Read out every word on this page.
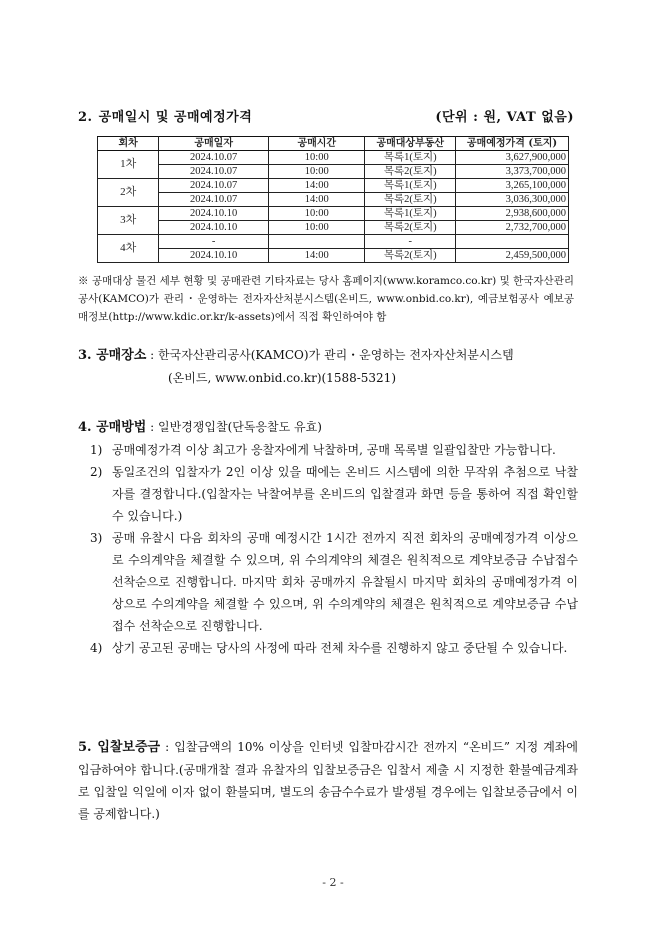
2. 공매일시 및 공매예정가격	(단위 : 원, VAT 없음)
회차	공매일자	공매시간	공매대상부동산	공매예정가격 (토지)
1차	2024.10.07	10:00	목록1(토지)	3,627,900,000
	2024.10.07	10:00	목록2(토지)	3,373,700,000
2차	2024.10.07	14:00	목록1(토지)	3,265,100,000
	2024.10.07	14:00	목록2(토지)	3,036,300,000
3차	2024.10.10	10:00	목록1(토지)	2,938,600,000
	2024.10.10	10:00	목록2(토지)	2,732,700,000
4차	-		-	
	2024.10.10	14:00	목록2(토지)	2,459,500,000
※ 공매대상 물건 세부 현황 및 공매관련 기타자료는 당사 홈페이지(www.koramco.co.kr) 및 한국자산관리공사(KAMCO)가 관리・운영하는 전자자산처분시스템(온비드, www.onbid.co.kr), 예금보험공사 예보공매정보(http://www.kdic.or.kr/k-assets)에서 직접 확인하여야 함
3. 공매장소 : 한국자산관리공사(KAMCO)가 관리・운영하는 전자자산처분시스템
(온비드, www.onbid.co.kr)(1588-5321)
4. 공매방법 : 일반경쟁입찰(단독응찰도 유효)
1) 공매예정가격 이상 최고가 응찰자에게 낙찰하며, 공매 목록별 일괄입찰만 가능합니다.
2) 동일조건의 입찰자가 2인 이상 있을 때에는 온비드 시스템에 의한 무작위 추첨으로 낙찰자를 결정합니다.(입찰자는 낙찰여부를 온비드의 입찰결과 화면 등을 통하여 직접 확인할 수 있습니다.)
3) 공매 유찰시 다음 회차의 공매 예정시간 1시간 전까지 직전 회차의 공매예정가격 이상으로 수의계약을 체결할 수 있으며, 위 수의계약의 체결은 원칙적으로 계약보증금 수납접수 선착순으로 진행합니다. 마지막 회차 공매까지 유찰될시 마지막 회차의 공매예정가격 이상으로 수의계약을 체결할 수 있으며, 위 수의계약의 체결은 원칙적으로 계약보증금 수납접수 선착순으로 진행합니다.
4) 상기 공고된 공매는 당사의 사정에 따라 전체 차수를 진행하지 않고 중단될 수 있습니다.
5. 입찰보증금 : 입찰금액의 10% 이상을 인터넷 입찰마감시간 전까지 “온비드” 지정 계좌에 입금하여야 합니다.(공매개찰 결과 유찰자의 입찰보증금은 입찰서 제출 시 지정한 환불예금계좌로 입찰일 익일에 이자 없이 환불되며, 별도의 송금수수료가 발생될 경우에는 입찰보증금에서 이를 공제합니다.)
- 2 -
